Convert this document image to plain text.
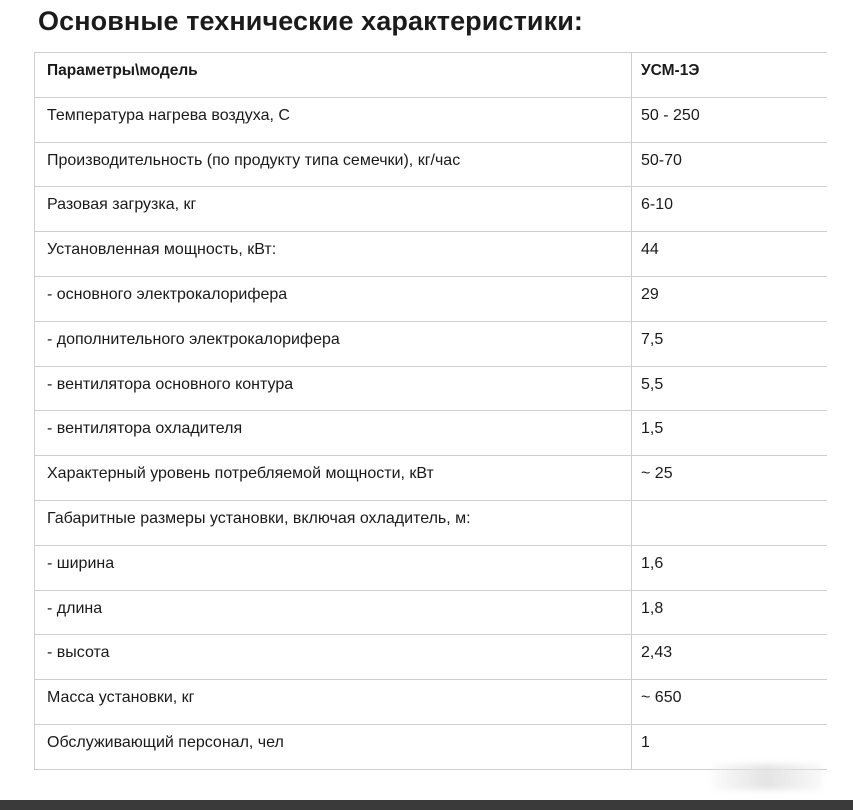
Основные технические характеристики:
Параметры\модель	УСМ-1Э
Температура нагрева воздуха, С	50 - 250
Производительность (по продукту типа семечки), кг/час	50-70
Разовая загрузка, кг	6-10
Установленная мощность, кВт:	44
- основного электрокалорифера	29
- дополнительного электрокалорифера	7,5
- вентилятора основного контура	5,5
- вентилятора охладителя	1,5
Характерный уровень потребляемой мощности, кВт	~ 25
Габаритные размеры установки, включая охладитель, м:	
- ширина	1,6
- длина	1,8
- высота	2,43
Масса установки, кг	~ 650
Обслуживающий персонал, чел	1
